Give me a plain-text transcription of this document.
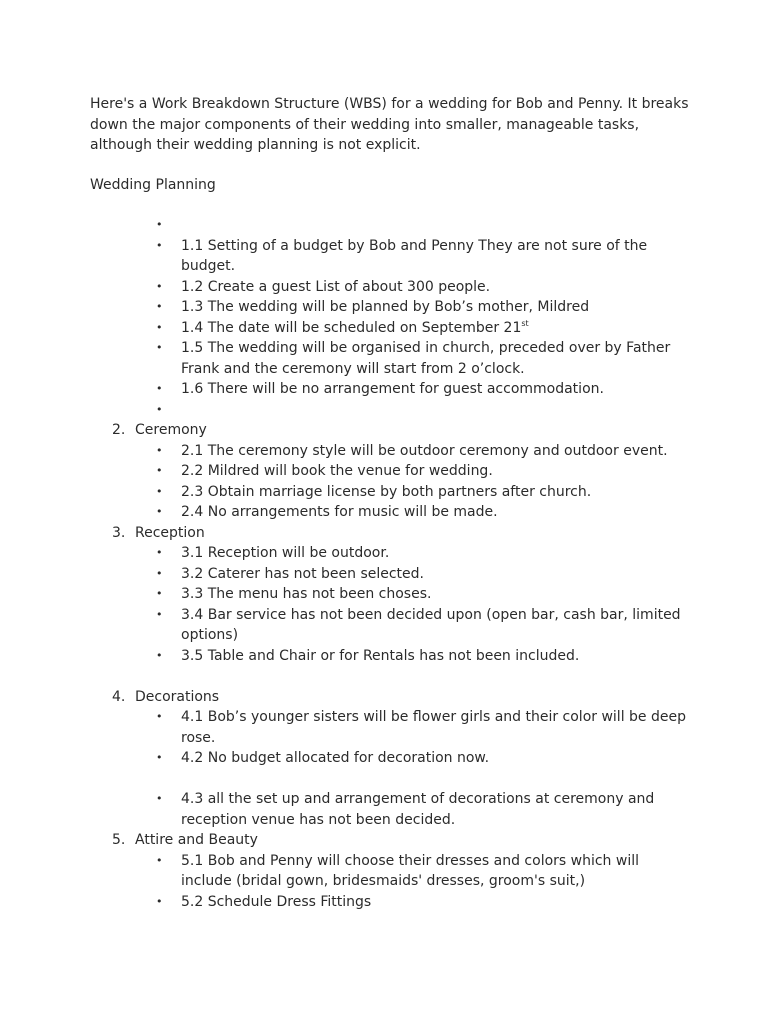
Here's a Work Breakdown Structure (WBS) for a wedding for Bob and Penny. It breaks down the major components of their wedding into smaller, manageable tasks, although their wedding planning is not explicit.

Wedding Planning
•
• 1.1 Setting of a budget by Bob and Penny They are not sure of the budget.
• 1.2 Create a guest List of about 300 people.
• 1.3 The wedding will be planned by Bob’s mother, Mildred
• 1.4 The date will be scheduled on September 21st
• 1.5 The wedding will be organised in church, preceded over by Father Frank and the ceremony will start from 2 o’clock.
• 1.6 There will be no arrangement for guest accommodation.
•
2. Ceremony
• 2.1 The ceremony style will be outdoor ceremony and outdoor event.
• 2.2 Mildred will book the venue for wedding.
• 2.3 Obtain marriage license by both partners after church.
• 2.4 No arrangements for music will be made.
3. Reception
• 3.1 Reception will be outdoor.
• 3.2 Caterer has not been selected.
• 3.3 The menu has not been choses.
• 3.4 Bar service has not been decided upon (open bar, cash bar, limited options)
• 3.5 Table and Chair or for Rentals has not been included.
4. Decorations
• 4.1 Bob’s younger sisters will be flower girls and their color will be deep rose.
• 4.2 No budget allocated for decoration now.
• 4.3 all the set up and arrangement of decorations at ceremony and reception venue has not been decided.
5. Attire and Beauty
• 5.1 Bob and Penny will choose their dresses and colors which will include (bridal gown, bridesmaids' dresses, groom's suit,)
• 5.2 Schedule Dress Fittings
